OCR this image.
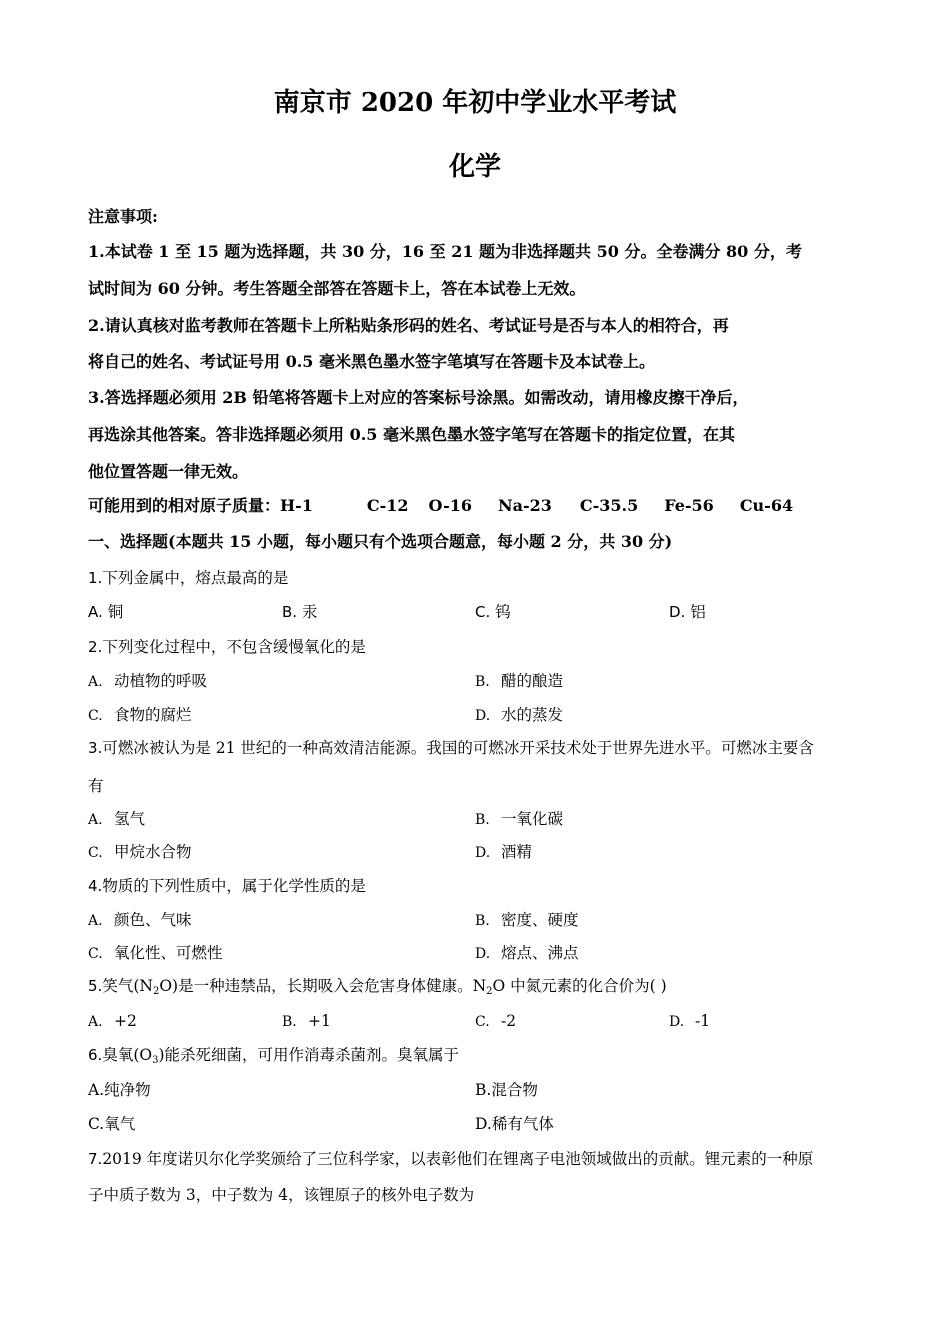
南京市 2020 年初中学业水平考试
化学
注意事项:
1.本试卷 1 至 15 题为选择题，共 30 分，16 至 21 题为非选择题共 50 分。全卷满分 80 分，考
试时间为 60 分钟。考生答题全部答在答题卡上，答在本试卷上无效。
2.请认真核对监考教师在答题卡上所粘贴条形码的姓名、考试证号是否与本人的相符合，再
将自己的姓名、考试证号用 0.5 毫米黑色墨水签字笔填写在答题卡及本试卷上。
3.答选择题必须用 2B 铅笔将答题卡上对应的答案标号涂黑。如需改动，请用橡皮擦干净后，
再选涂其他答案。答非选择题必须用 0.5 毫米黑色墨水签字笔写在答题卡的指定位置，在其
他位置答题一律无效。
可能用到的相对原子质量：H-1	C-12 O-16 Na-23 C-35.5 Fe-56 Cu-64
一、选择题(本题共 15 小题，每小题只有个选项合题意，每小题 2 分，共 30 分)
1.下列金属中，熔点最高的是
A. 铜	B. 汞	C. 钨	D. 铝
2.下列变化过程中，不包含缓慢氧化的是
A. 动植物的呼吸	B. 醋的酿造
C. 食物的腐烂	D. 水的蒸发
3.可燃冰被认为是 21 世纪的一种高效清洁能源。我国的可燃冰开采技术处于世界先进水平。可燃冰主要含
有
A. 氢气	B. 一氧化碳
C. 甲烷水合物	D. 酒精
4.物质的下列性质中，属于化学性质的是
A. 颜色、气味	B. 密度、硬度
C. 氧化性、可燃性	D. 熔点、沸点
5.笑气$(N_2O)$是一种违禁品，长期吸入会危害身体健康。$N_2O$ 中氮元素的化合价为( )
A. +2	B. +1	C. -2	D. -1
6.臭氧$(O_3)$能杀死细菌，可用作消毒杀菌剂。臭氧属于
A.纯净物	B.混合物
C.氧气	D.稀有气体
7.2019 年度诺贝尔化学奖颁给了三位科学家，以表彰他们在锂离子电池领域做出的贡献。锂元素的一种原
子中质子数为 3，中子数为 4，该锂原子的核外电子数为
